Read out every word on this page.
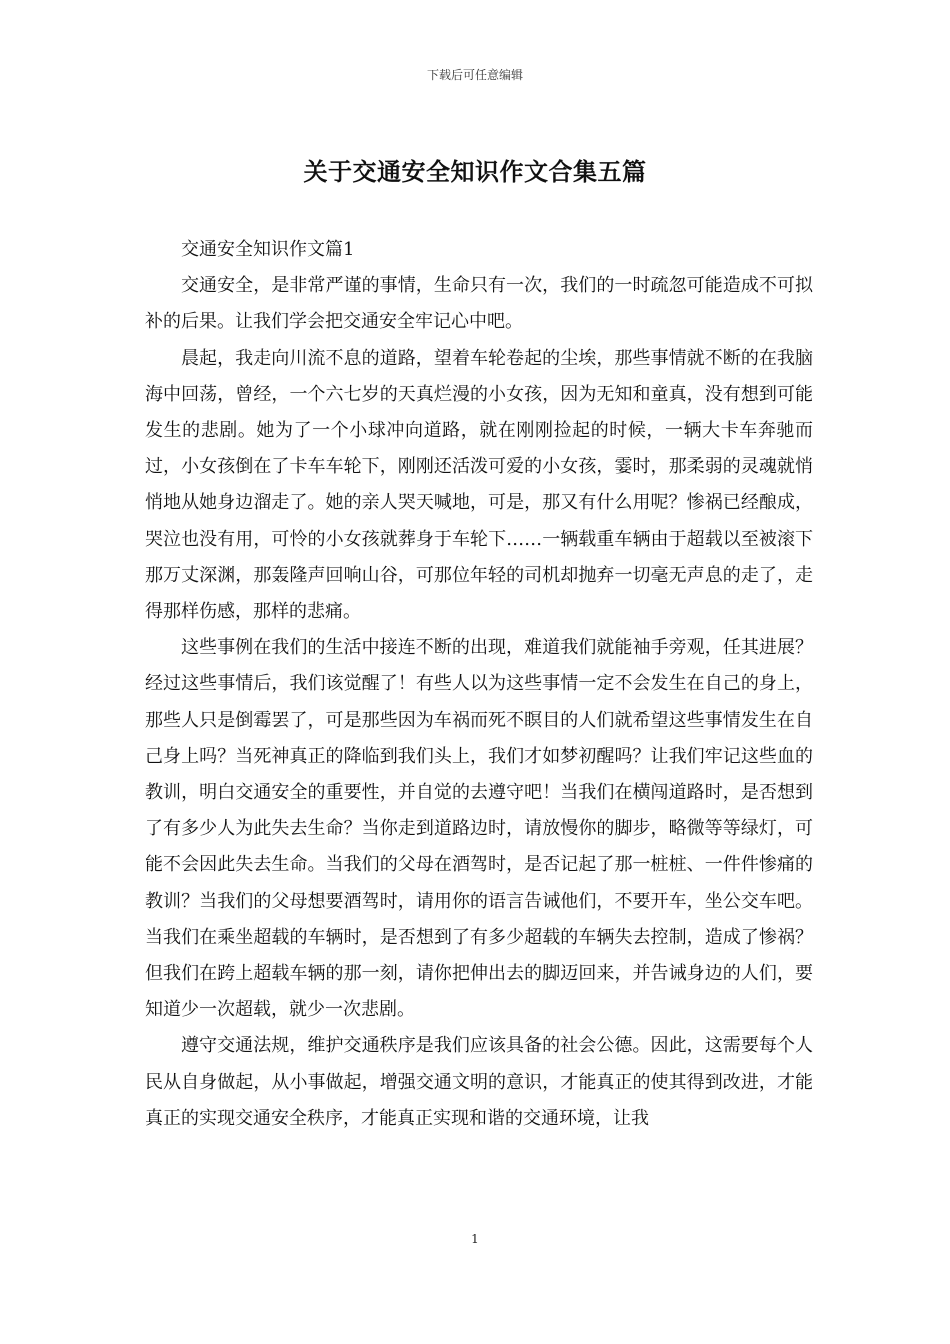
下载后可任意编辑
关于交通安全知识作文合集五篇

交通安全知识作文篇1

交通安全，是非常严谨的事情，生命只有一次，我们的一时疏忽可能造成不可拟补的后果。让我们学会把交通安全牢记心中吧。

晨起，我走向川流不息的道路，望着车轮卷起的尘埃，那些事情就不断的在我脑海中回荡，曾经，一个六七岁的天真烂漫的小女孩，因为无知和童真，没有想到可能发生的悲剧。她为了一个小球冲向道路，就在刚刚捡起的时候，一辆大卡车奔驰而过，小女孩倒在了卡车车轮下，刚刚还活泼可爱的小女孩，霎时，那柔弱的灵魂就悄悄地从她身边溜走了。她的亲人哭天喊地，可是，那又有什么用呢？惨祸已经酿成，哭泣也没有用，可怜的小女孩就葬身于车轮下……一辆载重车辆由于超载以至被滚下那万丈深渊，那轰隆声回响山谷，可那位年轻的司机却抛弃一切毫无声息的走了，走得那样伤感，那样的悲痛。

这些事例在我们的生活中接连不断的出现，难道我们就能袖手旁观，任其进展？经过这些事情后，我们该觉醒了！有些人以为这些事情一定不会发生在自己的身上，那些人只是倒霉罢了，可是那些因为车祸而死不瞑目的人们就希望这些事情发生在自己身上吗？当死神真正的降临到我们头上，我们才如梦初醒吗？让我们牢记这些血的教训，明白交通安全的重要性，并自觉的去遵守吧！当我们在横闯道路时，是否想到了有多少人为此失去生命？当你走到道路边时，请放慢你的脚步，略微等等绿灯，可能不会因此失去生命。当我们的父母在酒驾时，是否记起了那一桩桩、一件件惨痛的教训？当我们的父母想要酒驾时，请用你的语言告诫他们，不要开车，坐公交车吧。当我们在乘坐超载的车辆时，是否想到了有多少超载的车辆失去控制，造成了惨祸？但我们在跨上超载车辆的那一刻，请你把伸出去的脚迈回来，并告诫身边的人们，要知道少一次超载，就少一次悲剧。

遵守交通法规，维护交通秩序是我们应该具备的社会公德。因此，这需要每个人民从自身做起，从小事做起，增强交通文明的意识，才能真正的使其得到改进，才能真正的实现交通安全秩序，才能真正实现和谐的交通环境，让我

1
